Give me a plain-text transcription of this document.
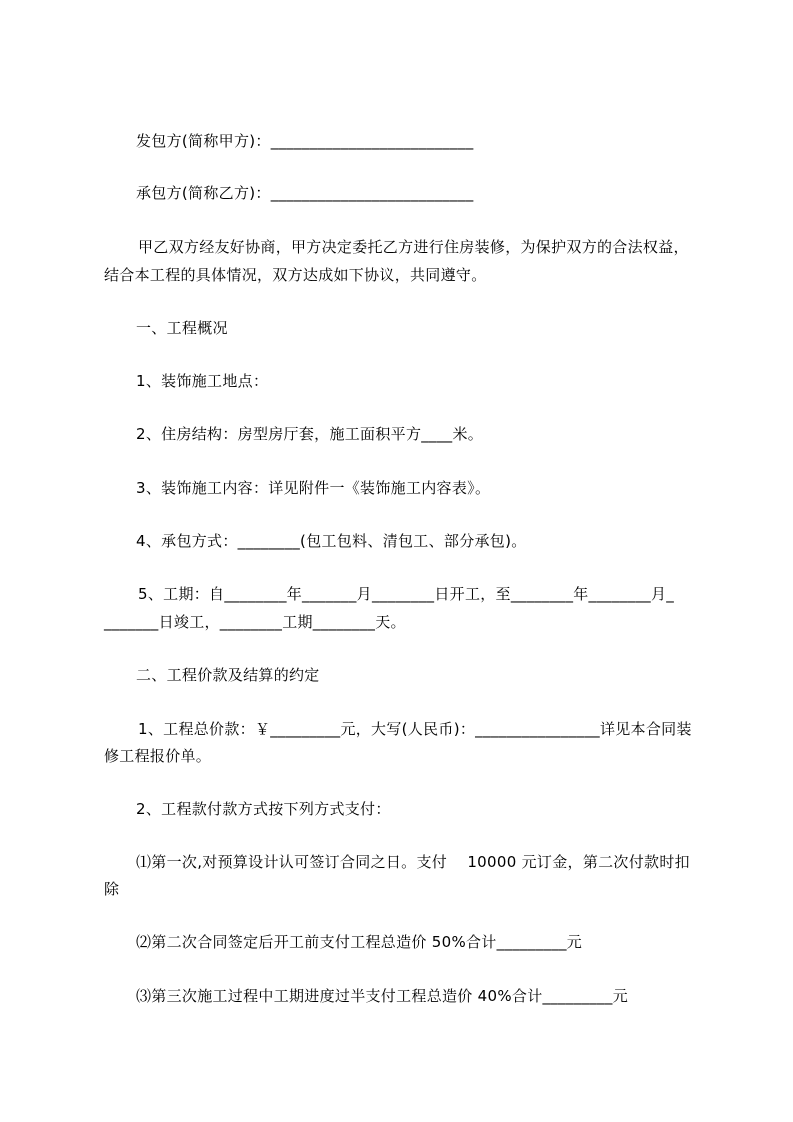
发包方(简称甲方)：__________________________
承包方(简称乙方)：__________________________
甲乙双方经友好协商，甲方决定委托乙方进行住房装修，为保护双方的合法权益，
结合本工程的具体情况，双方达成如下协议，共同遵守。
一、工程概况
1、装饰施工地点：
2、住房结构：房型房厅套，施工面积平方____米。
3、装饰施工内容：详见附件一《装饰施工内容表》。
4、承包方式：________(包工包料、清包工、部分承包)。
5、工期：自________年_______月________日开工，至________年________月_
_______日竣工，________工期________天。
二、工程价款及结算的约定
1、工程总价款：￥_________元，大写(人民币)：________________详见本合同装
修工程报价单。
2、工程款付款方式按下列方式支付：
⑴第一次,对预算设计认可签订合同之日。支付    10000 元订金，第二次付款时扣
除
⑵第二次合同签定后开工前支付工程总造价 50%合计_________元
⑶第三次施工过程中工期进度过半支付工程总造价 40%合计_________元
